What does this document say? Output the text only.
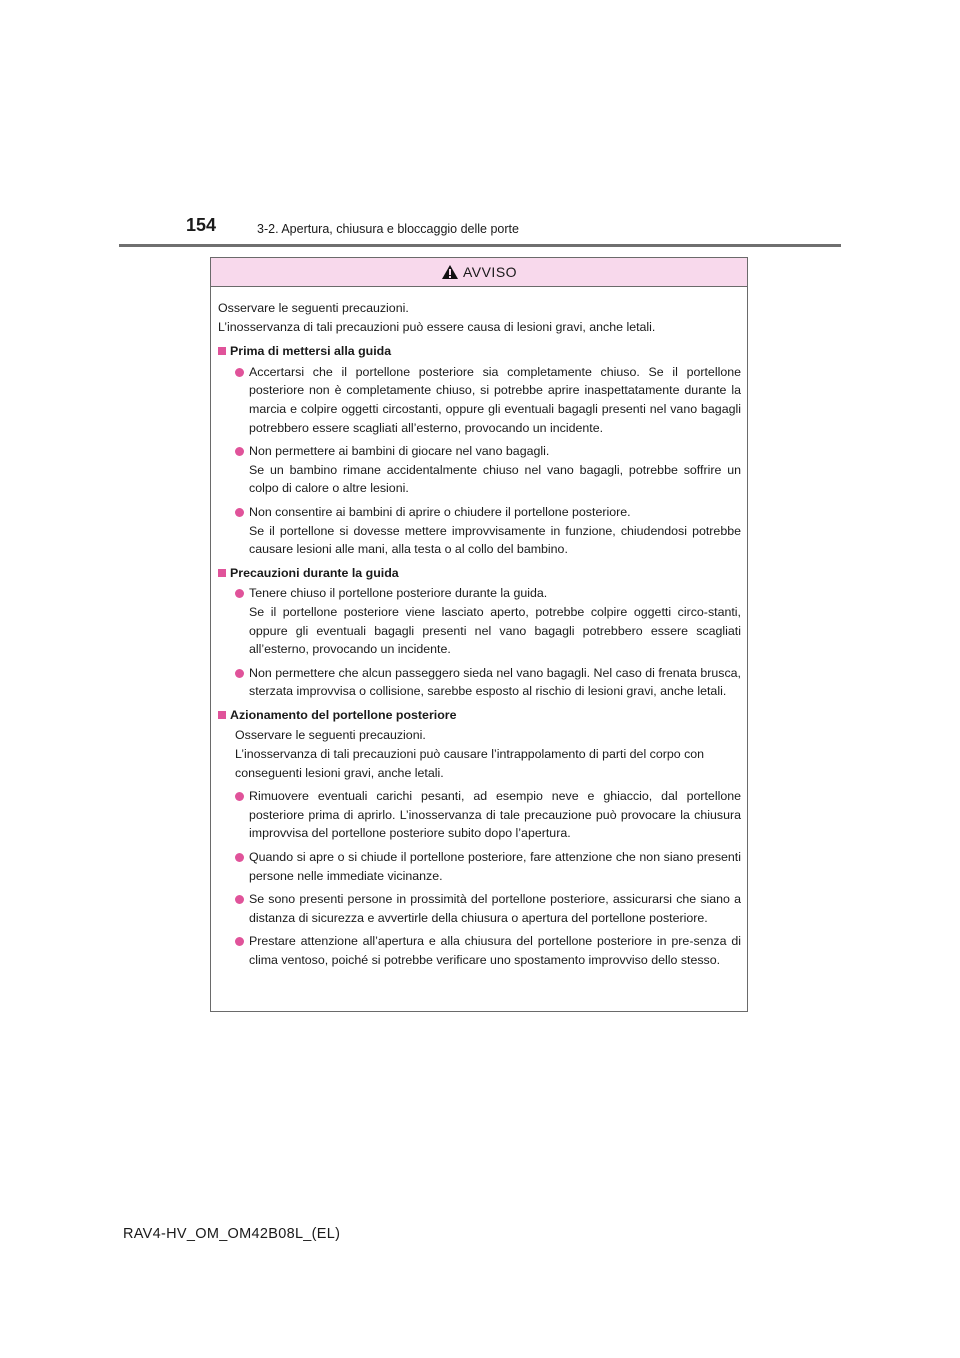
154	3-2. Apertura, chiusura e bloccaggio delle porte
AVVISO
Osservare le seguenti precauzioni.
L’inosservanza di tali precauzioni può essere causa di lesioni gravi, anche letali.
Prima di mettersi alla guida
Accertarsi che il portellone posteriore sia completamente chiuso. Se il portellone posteriore non è completamente chiuso, si potrebbe aprire inaspettatamente durante la marcia e colpire oggetti circostanti, oppure gli eventuali bagagli presenti nel vano bagagli potrebbero essere scagliati all’esterno, provocando un incidente.
Non permettere ai bambini di giocare nel vano bagagli.
Se un bambino rimane accidentalmente chiuso nel vano bagagli, potrebbe soffrire un colpo di calore o altre lesioni.
Non consentire ai bambini di aprire o chiudere il portellone posteriore.
Se il portellone si dovesse mettere improvvisamente in funzione, chiudendosi potrebbe causare lesioni alle mani, alla testa o al collo del bambino.
Precauzioni durante la guida
Tenere chiuso il portellone posteriore durante la guida.
Se il portellone posteriore viene lasciato aperto, potrebbe colpire oggetti circo-stanti, oppure gli eventuali bagagli presenti nel vano bagagli potrebbero essere scagliati all’esterno, provocando un incidente.
Non permettere che alcun passeggero sieda nel vano bagagli. Nel caso di frenata brusca, sterzata improvvisa o collisione, sarebbe esposto al rischio di lesioni gravi, anche letali.
Azionamento del portellone posteriore
Osservare le seguenti precauzioni.
L’inosservanza di tali precauzioni può causare l’intrappolamento di parti del corpo con conseguenti lesioni gravi, anche letali.
Rimuovere eventuali carichi pesanti, ad esempio neve e ghiaccio, dal portellone posteriore prima di aprirlo. L’inosservanza di tale precauzione può provocare la chiusura improvvisa del portellone posteriore subito dopo l’apertura.
Quando si apre o si chiude il portellone posteriore, fare attenzione che non siano presenti persone nelle immediate vicinanze.
Se sono presenti persone in prossimità del portellone posteriore, assicurarsi che siano a distanza di sicurezza e avvertirle della chiusura o apertura del portellone posteriore.
Prestare attenzione all’apertura e alla chiusura del portellone posteriore in pre-senza di clima ventoso, poiché si potrebbe verificare uno spostamento improvviso dello stesso.
RAV4-HV_OM_OM42B08L_(EL)
